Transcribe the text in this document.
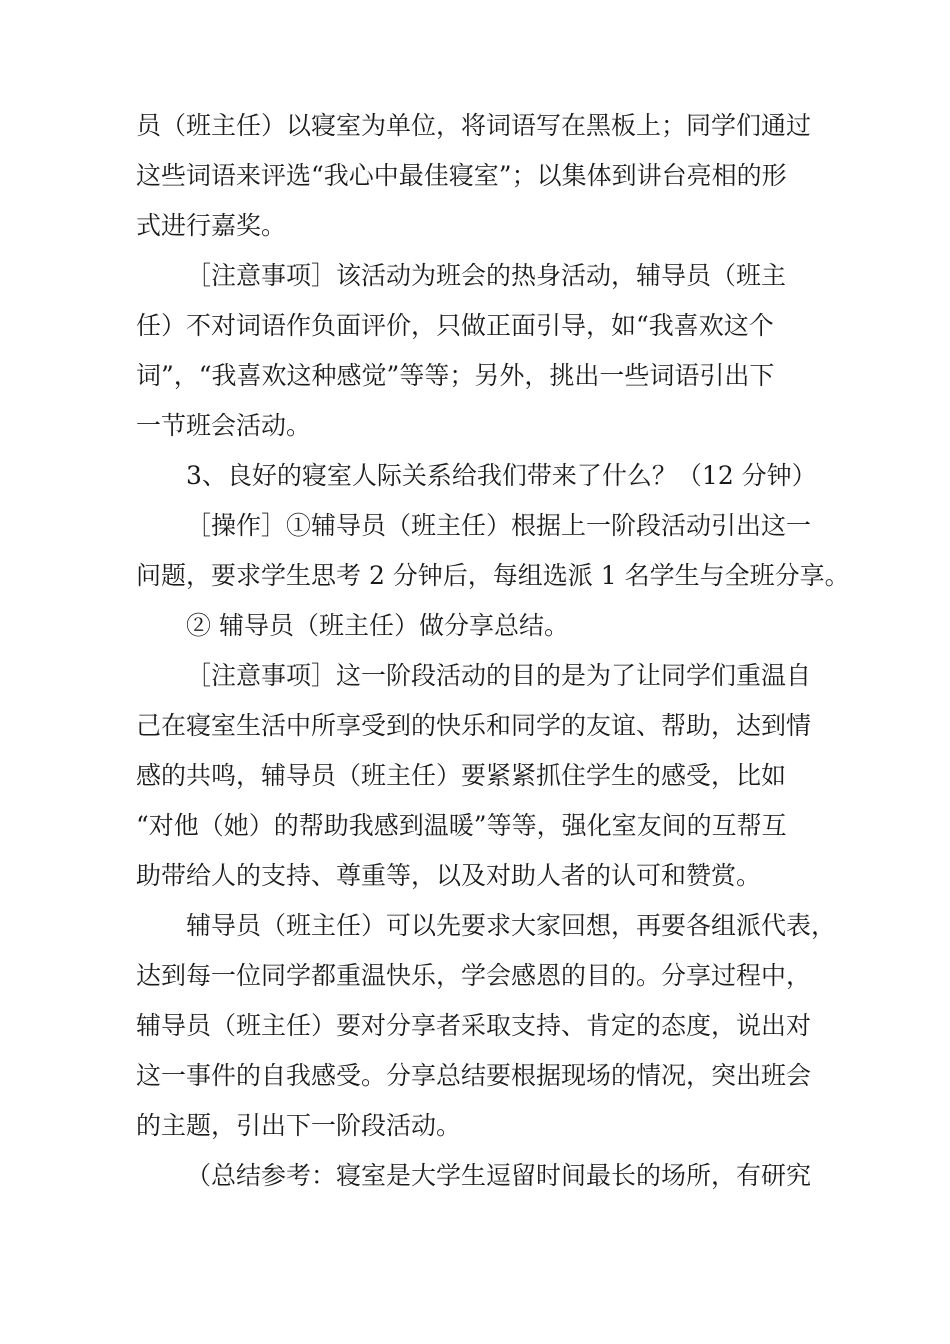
员（班主任）以寝室为单位，将词语写在黑板上；同学们通过
这些词语来评选“我心中最佳寝室”；以集体到讲台亮相的形
式进行嘉奖。
［注意事项］该活动为班会的热身活动，辅导员（班主
任）不对词语作负面评价，只做正面引导，如“我喜欢这个
词”，“我喜欢这种感觉”等等；另外，挑出一些词语引出下
一节班会活动。
3、良好的寝室人际关系给我们带来了什么？（12 分钟）
［操作］①辅导员（班主任）根据上一阶段活动引出这一
问题，要求学生思考 2 分钟后，每组选派 1 名学生与全班分享。
② 辅导员（班主任）做分享总结。
［注意事项］这一阶段活动的目的是为了让同学们重温自
己在寝室生活中所享受到的快乐和同学的友谊、帮助，达到情
感的共鸣，辅导员（班主任）要紧紧抓住学生的感受，比如
“对他（她）的帮助我感到温暖”等等，强化室友间的互帮互
助带给人的支持、尊重等，以及对助人者的认可和赞赏。
辅导员（班主任）可以先要求大家回想，再要各组派代表，
达到每一位同学都重温快乐，学会感恩的目的。分享过程中，
辅导员（班主任）要对分享者采取支持、肯定的态度，说出对
这一事件的自我感受。分享总结要根据现场的情况，突出班会
的主题，引出下一阶段活动。
（总结参考：寝室是大学生逗留时间最长的场所，有研究
